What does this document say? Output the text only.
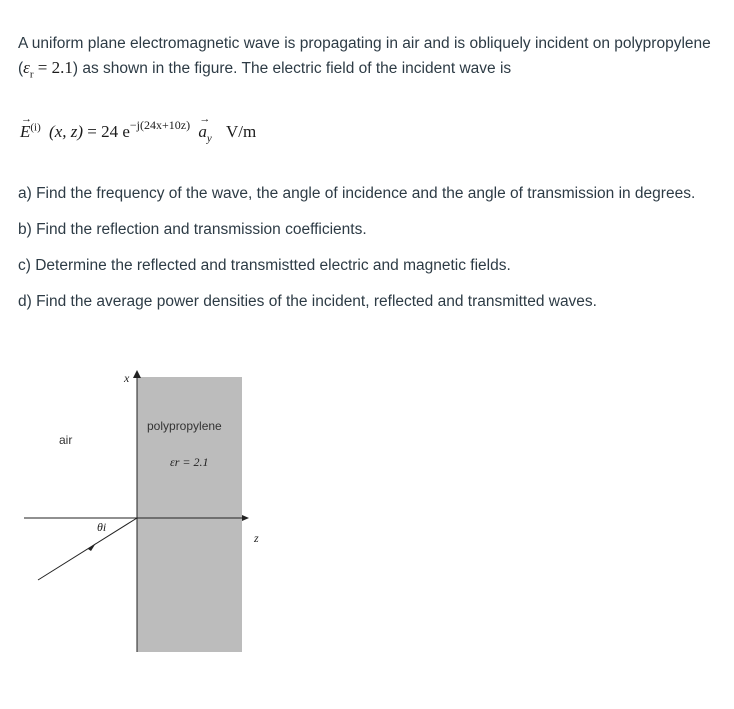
A uniform plane electromagnetic wave is propagating in air and is obliquely incident on polypropylene $(\varepsilon_r = 2.1)$ as shown in the figure. The electric field of the incident wave is

→ $E^{(i)}$ (x, z) = 24 $e^{-j(24x+10z)} \to a_y$ V/m

a) Find the frequency of the wave, the angle of incidence and the angle of transmission in degrees.

b) Find the reflection and transmission coefficients.

c) Determine the reflected and transmistted electric and magnetic fields.

d) Find the average power densities of the incident, reflected and transmitted waves.

air
polypropylene
εr = 2.1
x
z
θi
